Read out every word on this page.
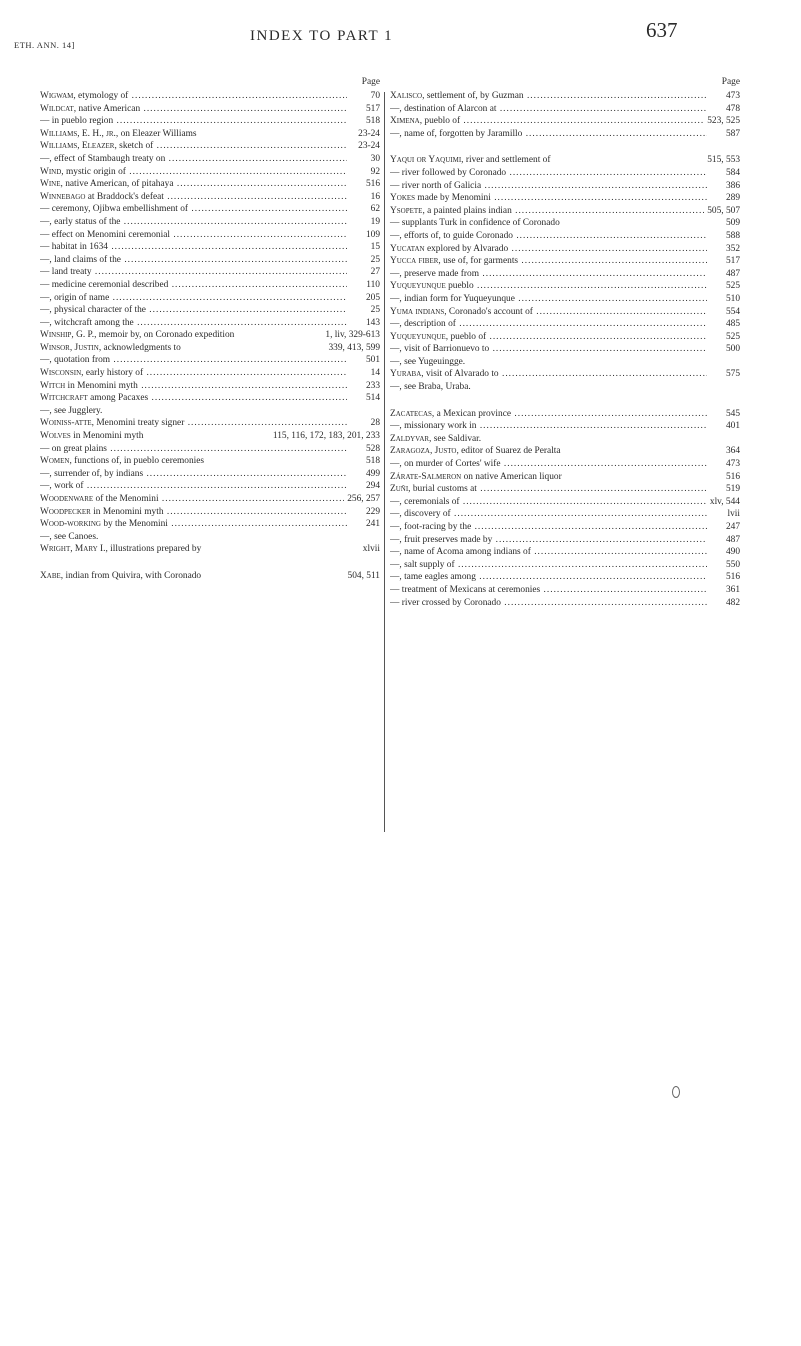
ETH. ANN. 14]
INDEX TO PART 1	637
Page
Wigwam, etymology of .....	70
Wildcat, native American .....	517
— in pueblo region .....	518
Williams, E. H., jr., on Eleazer Williams	23-24
Williams, Eleazer, sketch of .....	23-24
—, effect of Stambaugh treaty on .....	30
Wind, mystic origin of .....	92
Wine, native American, of pitahaya .....	516
Winnebago at Braddock's defeat .....	16
— ceremony, Ojibwa embellishment of .....	62
—, early status of the .....	19
— effect on Menomini ceremonial .....	109
— habitat in 1634 .....	15
—, land claims of the .....	25
— land treaty .....	27
— medicine ceremonial described .....	110
—, origin of name .....	205
—, physical character of the .....	25
—, witchcraft among the .....	143
Winship, G. P., memoir by, on Coronado expedition	1, liv, 329-613
Winsor, Justin, acknowledgments to	339, 413, 599
—, quotation from .....	501
Wisconsin, early history of .....	14
Witch in Menomini myth .....	233
Witchcraft among Pacaxes .....	514
—, see Jugglery.
Woiniss-atte, Menomini treaty signer .....	28
Wolves in Menomini myth	115, 116, 172, 183, 201, 233
— on great plains .....	528
Women, functions of, in pueblo ceremonies	518
—, surrender of, by indians .....	499
—, work of .....	294
Woodenware of the Menomini .....	256, 257
Woodpecker in Menomini myth .....	229
Wood-working by the Menomini .....	241
—, see Canoes.
Wright, Mary I., illustrations prepared by	xlvii
Xabe, indian from Quivira, with Coronado	504, 511
Page
Xalisco, settlement of, by Guzman .....	473
—, destination of Alarcon at .....	478
Ximena, pueblo of .....	523, 525
—, name of, forgotten by Jaramillo .....	587
Yaqui or Yaquimi, river and settlement of	515, 553
— river followed by Coronado .....	584
— river north of Galicia .....	386
Yokes made by Menomini .....	289
Ysopete, a painted plains indian .....	505, 507
— supplants Turk in confidence of Coronado	509
—, efforts of, to guide Coronado .....	588
Yucatan explored by Alvarado .....	352
Yucca fiber, use of, for garments .....	517
—, preserve made from .....	487
Yuqueyunque pueblo .....	525
—, indian form for Yuqueyunque .....	510
Yuma indians, Coronado's account of .....	554
—, description of .....	485
Yuqueyunque, pueblo of .....	525
—, visit of Barrionuevo to .....	500
—, see Yugeuingge.
Yuraba, visit of Alvarado to .....	575
—, see Braba, Uraba.
Zacatecas, a Mexican province .....	545
—, missionary work in .....	401
Zaldyvar, see Saldivar.
Zaragoza, Justo, editor of Suarez de Peralta	364
—, on murder of Cortes' wife .....	473
Zárate-Salmeron on native American liquor	516
Zuñi, burial customs at .....	519
—, ceremonials of .....	xlv, 544
—, discovery of .....	lvii
—, foot-racing by the .....	247
—, fruit preserves made by .....	487
—, name of Acoma among indians of .....	490
—, salt supply of .....	550
—, tame eagles among .....	516
— treatment of Mexicans at ceremonies .....	361
— river crossed by Coronado .....	482
